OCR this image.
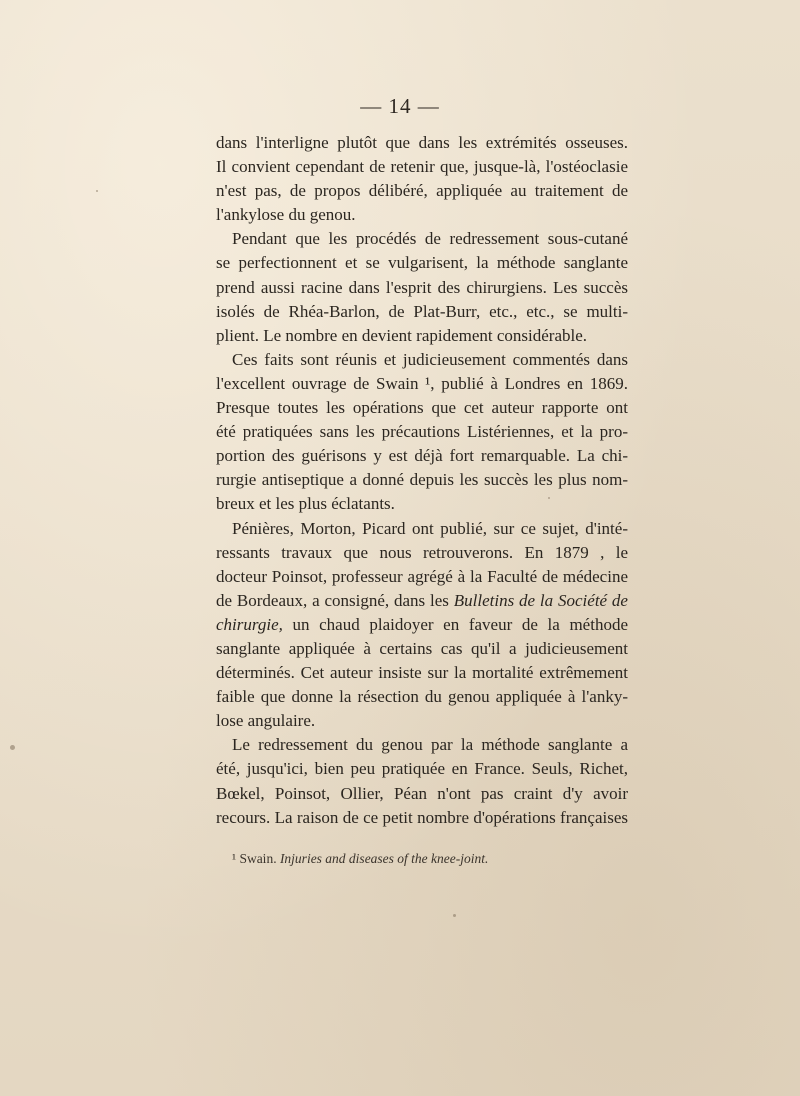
— 14 —
dans l'interligne plutôt que dans les extrémités osseuses.
Il convient cependant de retenir que, jusque-là, l'ostéoclasie
n'est pas, de propos délibéré, appliquée au traitement de
l'ankylose du genou.
Pendant que les procédés de redressement sous-cutané
se perfectionnent et se vulgarisent, la méthode sanglante
prend aussi racine dans l'esprit des chirurgiens. Les succès
isolés de Rhéa-Barlon, de Plat-Burr, etc., etc., se multi-
plient. Le nombre en devient rapidement considérable.
Ces faits sont réunis et judicieusement commentés dans
l'excellent ouvrage de Swain ¹, publié à Londres en 1869.
Presque toutes les opérations que cet auteur rapporte ont
été pratiquées sans les précautions Listériennes, et la pro-
portion des guérisons y est déjà fort remarquable. La chi-
rurgie antiseptique a donné depuis les succès les plus nom-
breux et les plus éclatants.
Pénières, Morton, Picard ont publié, sur ce sujet, d'inté-
ressants travaux que nous retrouverons. En 1879 , le
docteur Poinsot, professeur agrégé à la Faculté de médecine
de Bordeaux, a consigné, dans les Bulletins de la Société de
chirurgie, un chaud plaidoyer en faveur de la méthode
sanglante appliquée à certains cas qu'il a judicieusement
déterminés. Cet auteur insiste sur la mortalité extrêmement
faible que donne la résection du genou appliquée à l'anky-
lose angulaire.
Le redressement du genou par la méthode sanglante a
été, jusqu'ici, bien peu pratiquée en France. Seuls, Richet,
Bœkel, Poinsot, Ollier, Péan n'ont pas craint d'y avoir
recours. La raison de ce petit nombre d'opérations françaises
¹ Swain. Injuries and diseases of the knee-joint.
